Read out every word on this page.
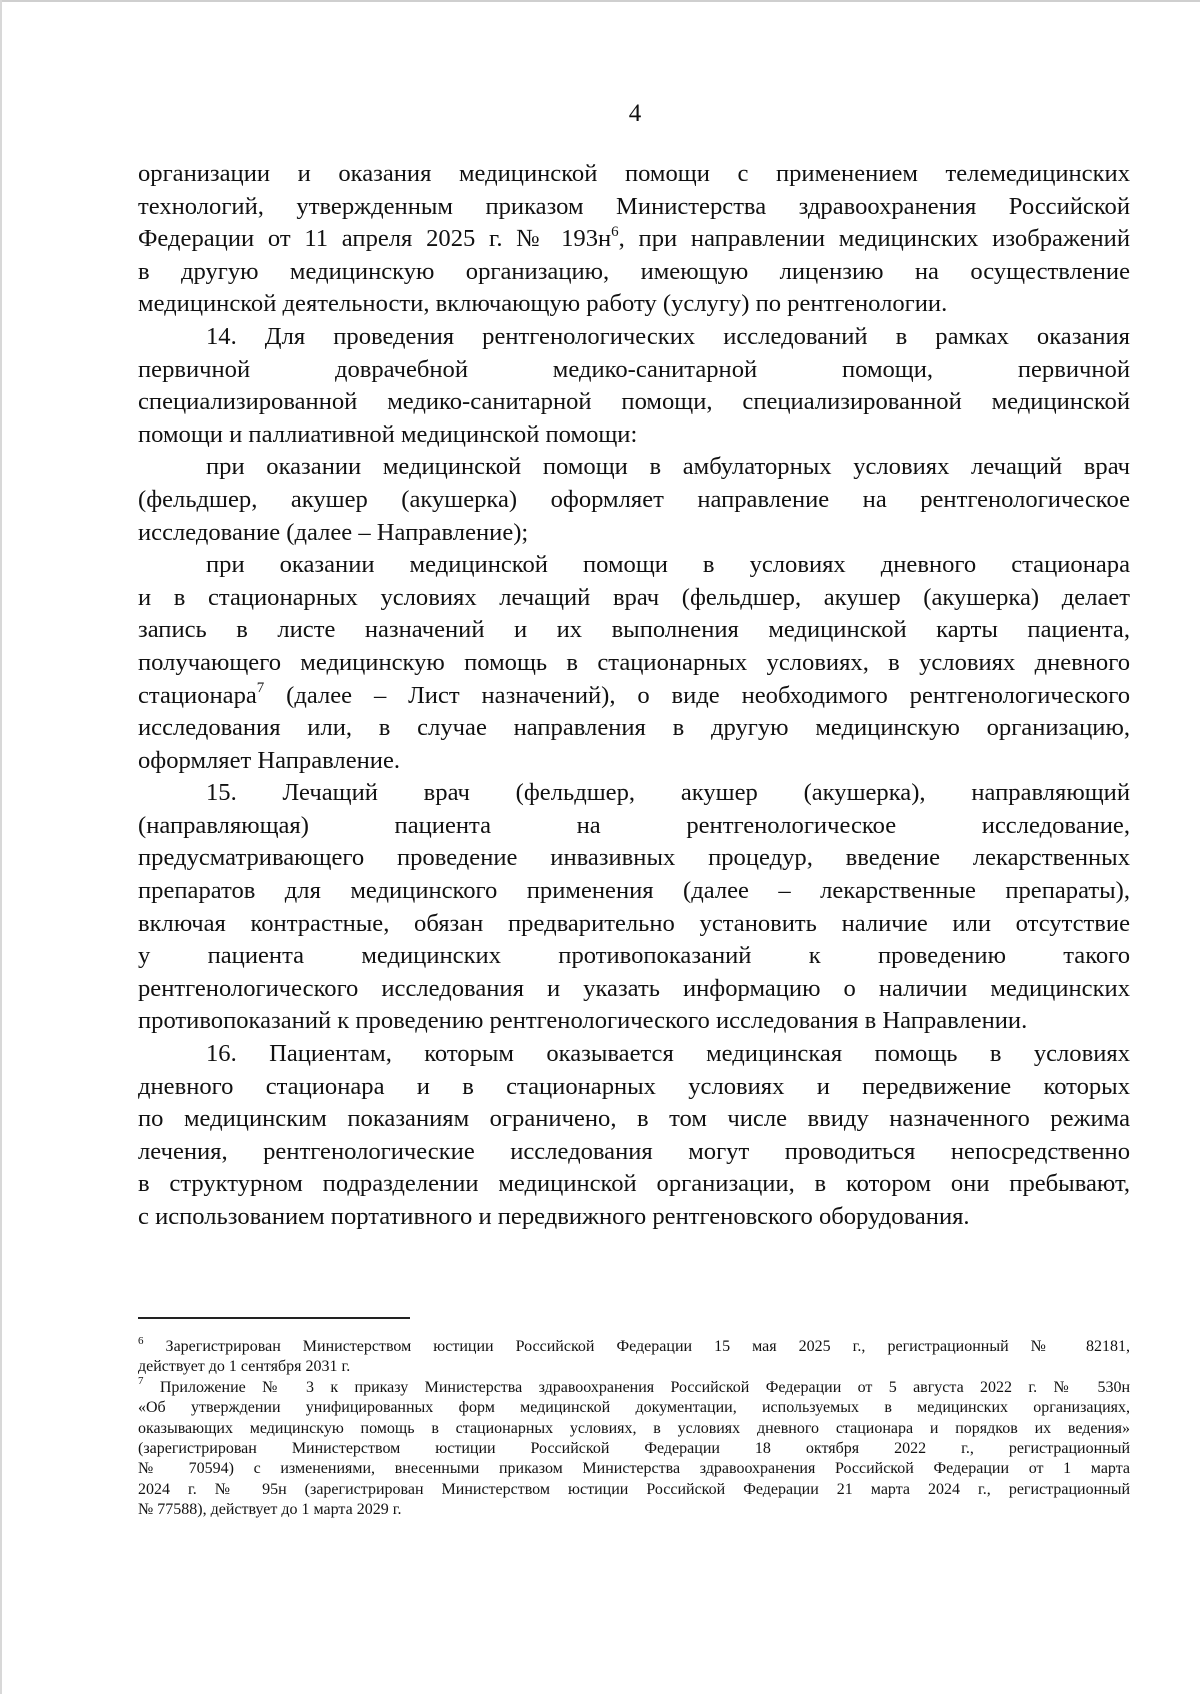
4

организации и оказания медицинской помощи с применением телемедицинских

технологий, утвержденным приказом Министерства здравоохранения Российской

Федерации от 11 апреля 2025 г. № $193н^6$, при направлении медицинских изображений

в другую медицинскую организацию, имеющую лицензию на осуществление

медицинской деятельности, включающую работу (услугу) по рентгенологии.

14. Для проведения рентгенологических исследований в рамках оказания

первичной доврачебной медико-санитарной помощи, первичной

специализированной медико-санитарной помощи, специализированной медицинской

помощи и паллиативной медицинской помощи:

при оказании медицинской помощи в амбулаторных условиях лечащий врач

(фельдшер, акушер (акушерка) оформляет направление на рентгенологическое

исследование (далее – Направление);

при оказании медицинской помощи в условиях дневного стационара

и в стационарных условиях лечащий врач (фельдшер, акушер (акушерка) делает

запись в листе назначений и их выполнения медицинской карты пациента,

получающего медицинскую помощь в стационарных условиях, в условиях дневного

стационара$^7$ (далее – Лист назначений), о виде необходимого рентгенологического

исследования или, в случае направления в другую медицинскую организацию,

оформляет Направление.

15. Лечащий врач (фельдшер, акушер (акушерка), направляющий

(направляющая) пациента на рентгенологическое исследование,

предусматривающего проведение инвазивных процедур, введение лекарственных

препаратов для медицинского применения (далее – лекарственные препараты),

включая контрастные, обязан предварительно установить наличие или отсутствие

у пациента медицинских противопоказаний к проведению такого

рентгенологического исследования и указать информацию о наличии медицинских

противопоказаний к проведению рентгенологического исследования в Направлении.

16. Пациентам, которым оказывается медицинская помощь в условиях

дневного стационара и в стационарных условиях и передвижение которых

по медицинским показаниям ограничено, в том числе ввиду назначенного режима

лечения, рентгенологические исследования могут проводиться непосредственно

в структурном подразделении медицинской организации, в котором они пребывают,

с использованием портативного и передвижного рентгеновского оборудования.

$^6$ Зарегистрирован Министерством юстиции Российской Федерации 15 мая 2025 г., регистрационный № 82181,

действует до 1 сентября 2031 г.

$^7$ Приложение № 3 к приказу Министерства здравоохранения Российской Федерации от 5 августа 2022 г. № 530н

«Об утверждении унифицированных форм медицинской документации, используемых в медицинских организациях,

оказывающих медицинскую помощь в стационарных условиях, в условиях дневного стационара и порядков их ведения»

(зарегистрирован Министерством юстиции Российской Федерации 18 октября 2022 г., регистрационный

№ 70594) с изменениями, внесенными приказом Министерства здравоохранения Российской Федерации от 1 марта

2024 г. № 95н (зарегистрирован Министерством юстиции Российской Федерации 21 марта 2024 г., регистрационный

№ 77588), действует до 1 марта 2029 г.
